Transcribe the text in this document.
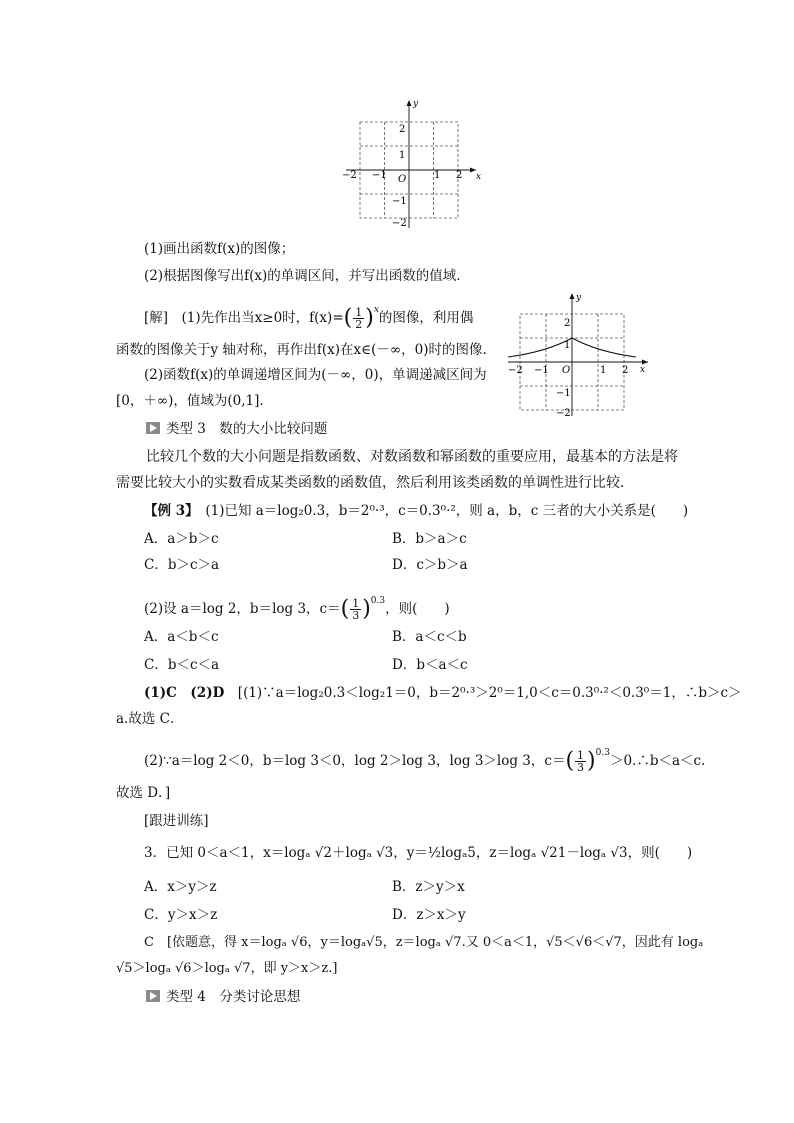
y
x
2
1
O
−1
−2
−2 −1	1 2
(1)画出函数f(x)的图像；
(2)根据图像写出f(x)的单调区间，并写出函数的值域．
[解]　(1)先作出当x≥0时，$f(x)=( \frac{1}{2} )^x$的图像，利用偶
函数的图像关于y 轴对称，再作出f(x)在x∈(－∞，0)时的图像.
(2)函数f(x)的单调递增区间为(－∞，0)，单调递减区间为
[0，＋∞)，值域为(0,1].
y
x
2
1
O
−1
−2
−2 −1	1 2
类型 3　数的大小比较问题
比较几个数的大小问题是指数函数、对数函数和幂函数的重要应用，最基本的方法是将
需要比较大小的实数看成某类函数的函数值，然后利用该类函数的单调性进行比较．
【例 3】　(1)已知 a＝log₂0.3，b＝2⁰·³，c＝0.3⁰·²，则 a，b，c 三者的大小关系是(　　)
A．a＞b＞c	B．b＞a＞c
C．b＞c＞a	D．c＞b＞a
(2)设 a＝log 2，b＝log 3，$c=( \frac{1}{3} )^{0.3}$，则(　　)
A．a＜b＜c	B．a＜c＜b
C．b＜c＜a	D．b＜a＜c
(1)C　(2)D　[(1)∵a＝log₂0.3＜log₂1＝0，b＝2⁰·³＞2⁰＝1,0＜c＝0.3⁰·²＜0.3⁰＝1，∴b＞c＞
a.故选 C．
(2)∵a＝log 2＜0，b＝log 3＜0，log 2＞log 3，log 3＞log 3，$c=( \frac{1}{3}$ )$^{0.3}>0.\therefore b<a<c$.
故选 D．]
[跟进训练]
3．已知 0＜a＜1，x＝logₐ √2＋logₐ √3，y＝½logₐ5，z＝logₐ √21－logₐ √3，则(　　)
A．x＞y＞z	B．z＞y＞x
C．y＞x＞z	D．z＞x＞y
C　[依题意，得 x＝logₐ √6，y＝logₐ√5，z＝logₐ √7.又 0＜a＜1，√5＜√6＜√7，因此有 logₐ
√5＞logₐ √6＞logₐ √7，即 y＞x＞z.]
类型 4　分类讨论思想
